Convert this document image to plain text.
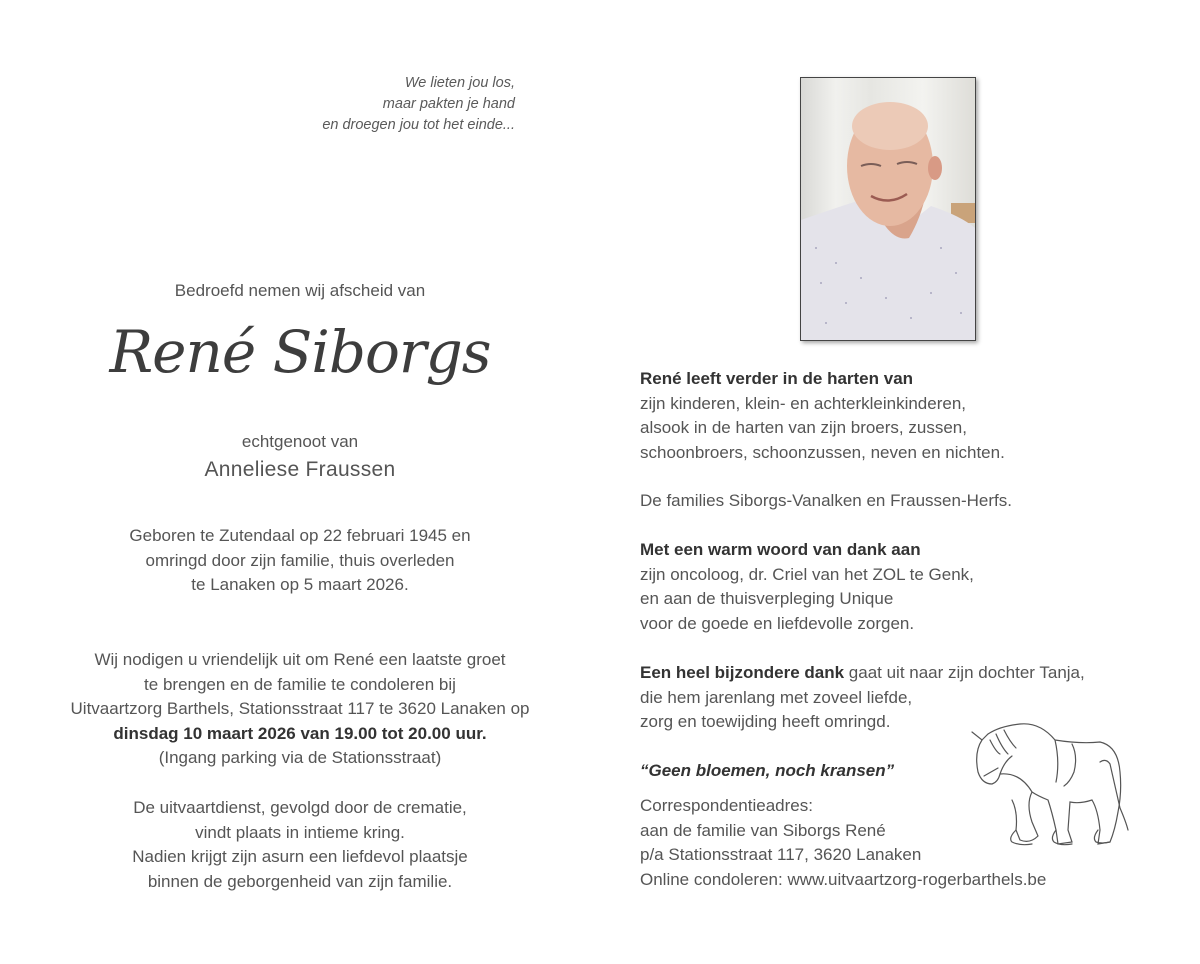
We lieten jou los,
maar pakten je hand
en droegen jou tot het einde...
Bedroefd nemen wij afscheid van
René Siborgs
echtgenoot van
Anneliese Fraussen
Geboren te Zutendaal op 22 februari 1945 en
omringd door zijn familie, thuis overleden
te Lanaken op 5 maart 2026.
Wij nodigen u vriendelijk uit om René een laatste groet
te brengen en de familie te condoleren bij
Uitvaartzorg Barthels, Stationsstraat 117 te 3620 Lanaken op
dinsdag 10 maart 2026 van 19.00 tot 20.00 uur.
(Ingang parking via de Stationsstraat)
De uitvaartdienst, gevolgd door de crematie,
vindt plaats in intieme kring.
Nadien krijgt zijn asurn een liefdevol plaatsje
binnen de geborgenheid van zijn familie.
René leeft verder in de harten van
zijn kinderen, klein- en achterkleinkinderen,
alsook in de harten van zijn broers, zussen,
schoonbroers, schoonzussen, neven en nichten.
De families Siborgs-Vanalken en Fraussen-Herfs.
Met een warm woord van dank aan
zijn oncoloog, dr. Criel van het ZOL te Genk,
en aan de thuisverpleging Unique
voor de goede en liefdevolle zorgen.
Een heel bijzondere dank gaat uit naar zijn dochter Tanja,
die hem jarenlang met zoveel liefde,
zorg en toewijding heeft omringd.
“Geen bloemen, noch kransen”
Correspondentieadres:
aan de familie van Siborgs René
p/a Stationsstraat 117, 3620 Lanaken
Online condoleren: www.uitvaartzorg-rogerbarthels.be
